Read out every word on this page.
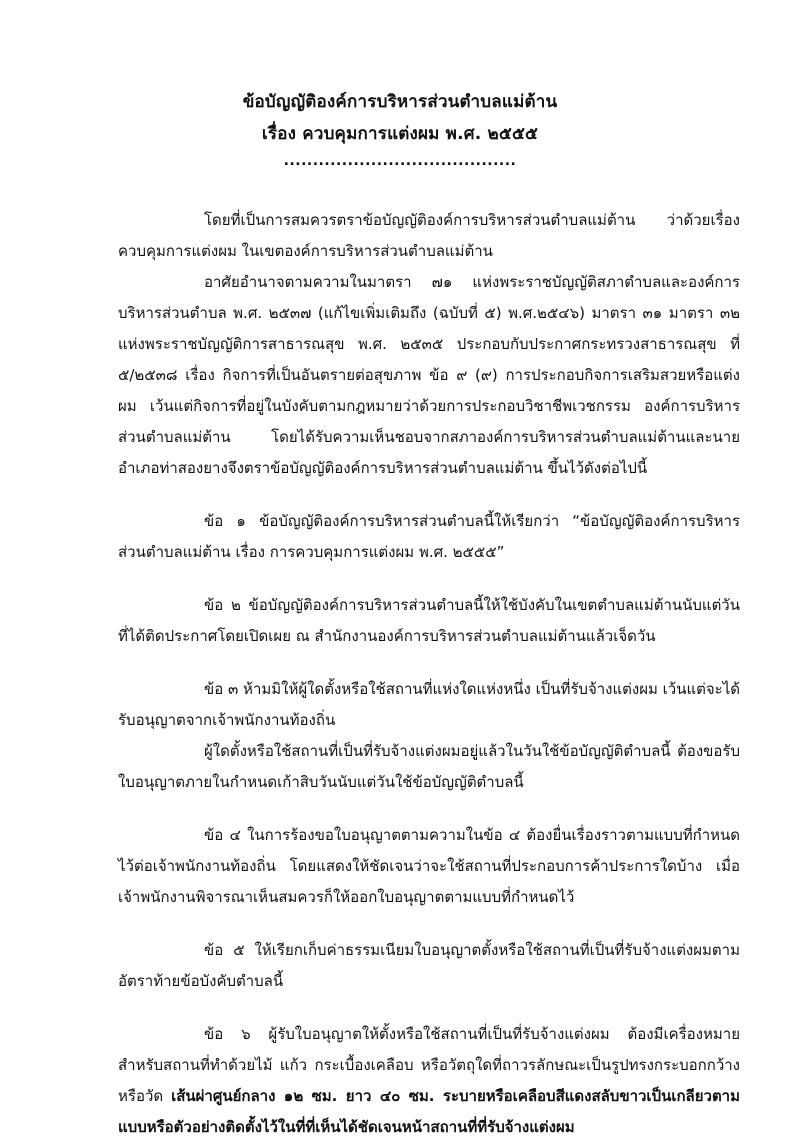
ข้อบัญญัติองค์การบริหารส่วนตำบลแม่ต้าน
เรื่อง ควบคุมการแต่งผม พ.ศ. ๒๕๕๕
........................................

โดยที่เป็นการสมควรตราข้อบัญญัติองค์การบริหารส่วนตำบลแม่ต้าน ว่าด้วยเรื่อง ควบคุมการแต่งผม ในเขตองค์การบริหารส่วนตำบลแม่ต้าน

อาศัยอำนาจตามความในมาตรา ๗๑ แห่งพระราชบัญญัติสภาตำบลและองค์การบริหารส่วนตำบล พ.ศ. ๒๕๓๗ (แก้ไขเพิ่มเติมถึง (ฉบับที่ ๕) พ.ศ.๒๕๔๖) มาตรา ๓๑ มาตรา ๓๒ แห่งพระราชบัญญัติการสาธารณสุข พ.ศ. ๒๕๓๕ ประกอบกับประกาศกระทรวงสาธารณสุข ที่ ๕/๒๕๓๘ เรื่อง กิจการที่เป็นอันตรายต่อสุขภาพ ข้อ ๙ (๙) การประกอบกิจการเสริมสวยหรือแต่งผม เว้นแต่กิจการที่อยู่ในบังคับตามกฎหมายว่าด้วยการประกอบวิชาชีพเวชกรรม องค์การบริหารส่วนตำบลแม่ต้าน โดยได้รับความเห็นชอบจากสภาองค์การบริหารส่วนตำบลแม่ต้านและนายอำเภอท่าสองยางจึงตราข้อบัญญัติองค์การบริหารส่วนตำบลแม่ต้าน ขึ้นไว้ดังต่อไปนี้

ข้อ ๑ ข้อบัญญัติองค์การบริหารส่วนตำบลนี้ให้เรียกว่า “ข้อบัญญัติองค์การบริหารส่วนตำบลแม่ต้าน เรื่อง การควบคุมการแต่งผม พ.ศ. ๒๕๕๕”

ข้อ ๒ ข้อบัญญัติองค์การบริหารส่วนตำบลนี้ให้ใช้บังคับในเขตตำบลแม่ต้านนับแต่วันที่ได้ติดประกาศโดยเปิดเผย ณ สำนักงานองค์การบริหารส่วนตำบลแม่ต้านแล้วเจ็ดวัน

ข้อ ๓ ห้ามมิให้ผู้ใดตั้งหรือใช้สถานที่แห่งใดแห่งหนึ่ง เป็นที่รับจ้างแต่งผม เว้นแต่จะได้รับอนุญาตจากเจ้าพนักงานท้องถิ่น

ผู้ใดตั้งหรือใช้สถานที่เป็นที่รับจ้างแต่งผมอยู่แล้วในวันใช้ข้อบัญญัติตำบลนี้ ต้องขอรับใบอนุญาตภายในกำหนดเก้าสิบวันนับแต่วันใช้ข้อบัญญัติตำบลนี้

ข้อ ๔ ในการร้องขอใบอนุญาตตามความในข้อ ๔ ต้องยื่นเรื่องราวตามแบบที่กำหนดไว้ต่อเจ้าพนักงานท้องถิ่น โดยแสดงให้ชัดเจนว่าจะใช้สถานที่ประกอบการค้าประการใดบ้าง เมื่อเจ้าพนักงานพิจารณาเห็นสมควรก็ให้ออกใบอนุญาตตามแบบที่กำหนดไว้

ข้อ ๕ ให้เรียกเก็บค่าธรรมเนียมใบอนุญาตตั้งหรือใช้สถานที่เป็นที่รับจ้างแต่งผมตามอัตราท้ายข้อบังคับตำบลนี้

ข้อ ๖ ผู้รับใบอนุญาตให้ตั้งหรือใช้สถานที่เป็นที่รับจ้างแต่งผม ต้องมีเครื่องหมายสำหรับสถานที่ทำด้วยไม้ แก้ว กระเบื้องเคลือบ หรือวัตถุใดที่ถาวรลักษณะเป็นรูปทรงกระบอกกว้างหรือวัด เส้นผ่าศูนย์กลาง ๑๒ ซม. ยาว ๔๐ ซม. ระบายหรือเคลือบสีแดงสลับขาวเป็นเกลียวตามแบบหรือตัวอย่างติดตั้งไว้ในที่ที่เห็นได้ชัดเจนหน้าสถานที่ที่รับจ้างแต่งผม
